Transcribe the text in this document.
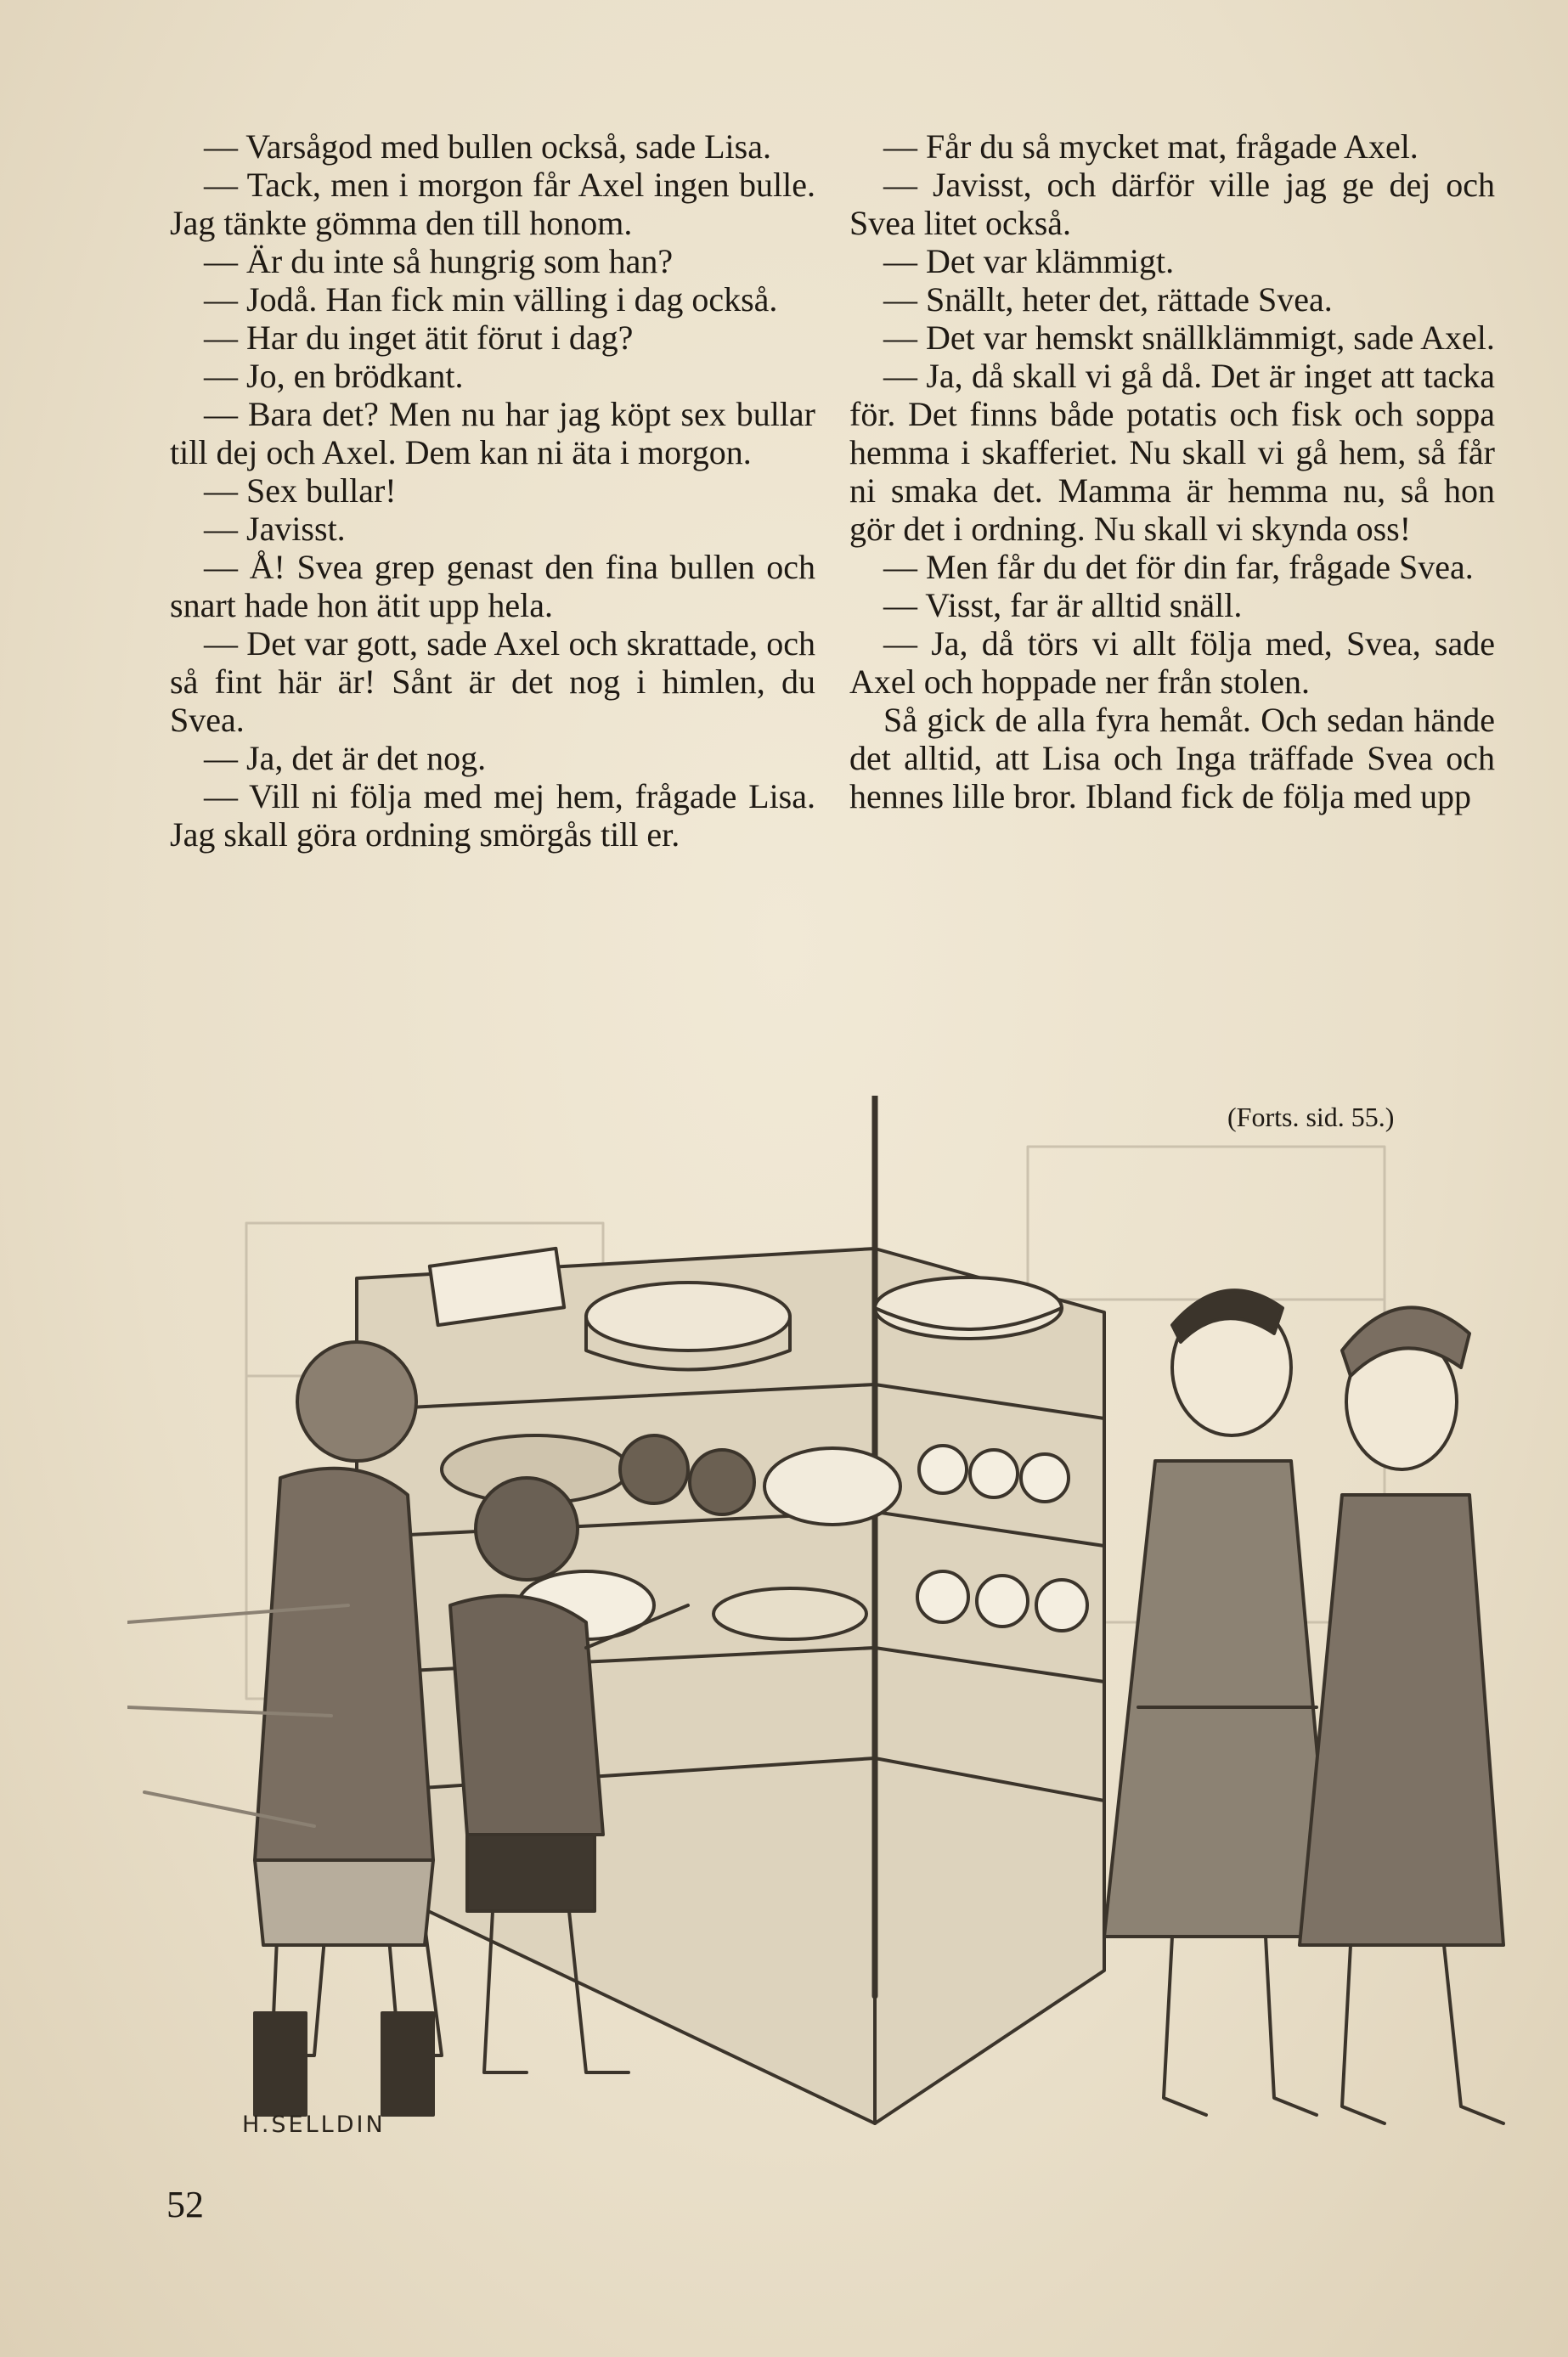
— Varsågod med bullen också, sade Lisa.

— Tack, men i morgon får Axel ingen bulle. Jag tänkte gömma den till honom.

— Är du inte så hungrig som han?

— Jodå. Han fick min välling i dag också.

— Har du inget ätit förut i dag?

— Jo, en brödkant.

— Bara det? Men nu har jag köpt sex bullar till dej och Axel. Dem kan ni äta i morgon.

— Sex bullar!

— Javisst.

— Å! Svea grep genast den fina bullen och snart hade hon ätit upp hela.

— Det var gott, sade Axel och skrattade, och så fint här är! Sånt är det nog i himlen, du Svea.

— Ja, det är det nog.

— Vill ni följa med mej hem, frågade Lisa. Jag skall göra ordning smörgås till er.

— Får du så mycket mat, frågade Axel.

— Javisst, och därför ville jag ge dej och Svea litet också.

— Det var klämmigt.

— Snällt, heter det, rättade Svea.

— Det var hemskt snällklämmigt, sade Axel.

— Ja, då skall vi gå då. Det är inget att tacka för. Det finns både potatis och fisk och soppa hemma i skafferiet. Nu skall vi gå hem, så får ni smaka det. Mamma är hemma nu, så hon gör det i ordning. Nu skall vi skynda oss!

— Men får du det för din far, frågade Svea.

— Visst, far är alltid snäll.

— Ja, då törs vi allt följa med, Svea, sade Axel och hoppade ner från stolen.

Så gick de alla fyra hemåt. Och sedan hände det alltid, att Lisa och Inga träffade Svea och hennes lille bror. Ibland fick de följa med upp

(Forts. sid. 55.)
H.SELLDIN
52
